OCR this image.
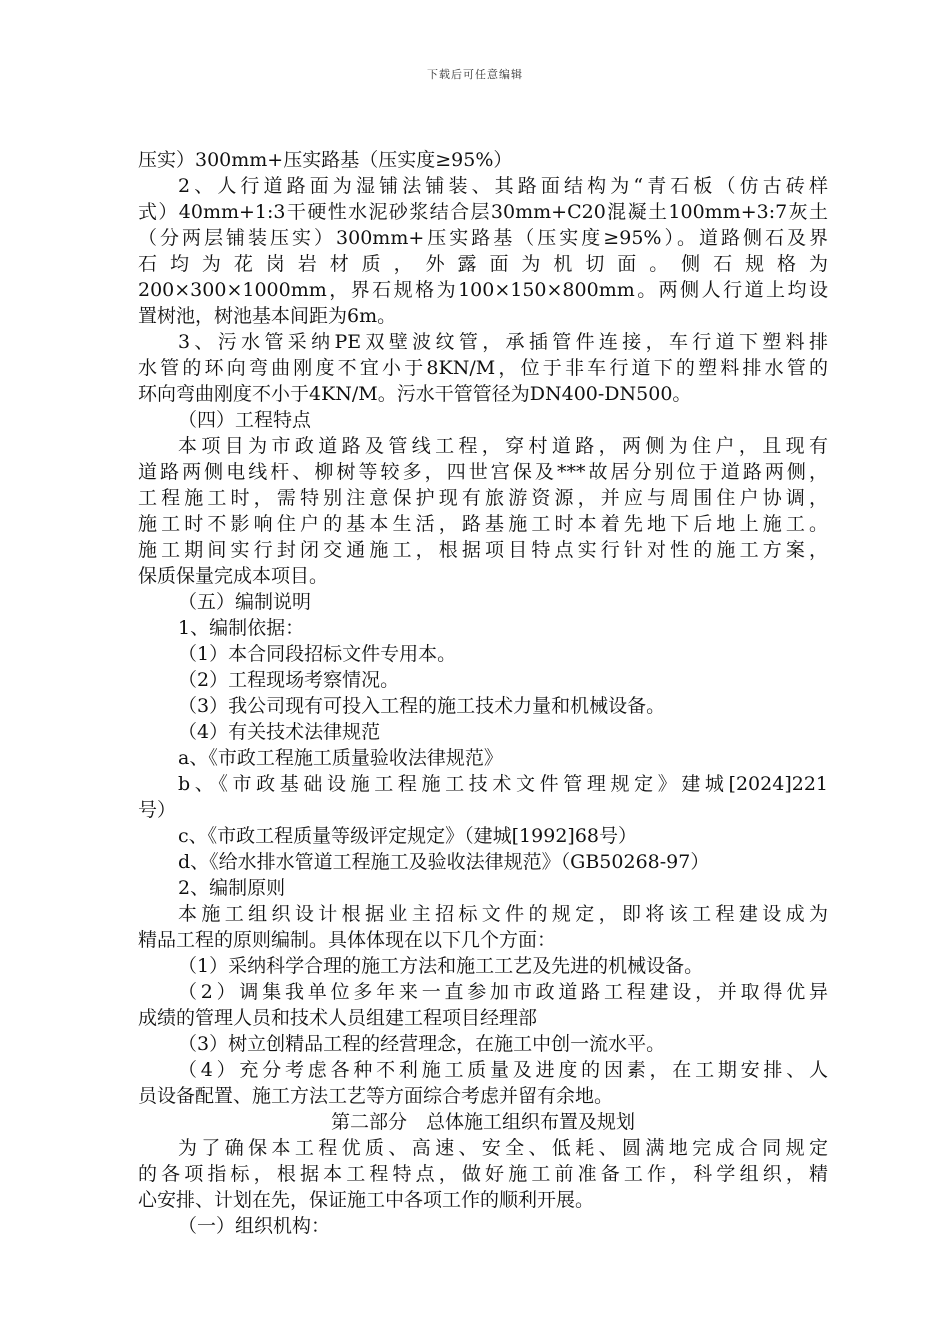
下载后可任意编辑

压实）300mm+压实路基（压实度≥95%）

2、人行道路面为湿铺法铺装、其路面结构为“青石板（仿古砖样

式）40mm+1:3干硬性水泥砂浆结合层30mm+C20混凝土100mm+3:7灰土

（分两层铺装压实）300mm+压实路基（压实度≥95%）。道路侧石及界

石均为花岗岩材质，外露面为机切面。侧石规格为

200×300×1000mm，界石规格为100×150×800mm。两侧人行道上均设

置树池，树池基本间距为6m。

3、污水管采纳PE双壁波纹管，承插管件连接，车行道下塑料排

水管的环向弯曲刚度不宜小于8KN/M，位于非车行道下的塑料排水管的

环向弯曲刚度不小于4KN/M。污水干管管径为DN400-DN500。

（四）工程特点

本项目为市政道路及管线工程，穿村道路，两侧为住户，且现有

道路两侧电线杆、柳树等较多，四世宫保及***故居分别位于道路两侧，

工程施工时，需特别注意保护现有旅游资源，并应与周围住户协调，

施工时不影响住户的基本生活，路基施工时本着先地下后地上施工。

施工期间实行封闭交通施工，根据项目特点实行针对性的施工方案，

保质保量完成本项目。

（五）编制说明

1、编制依据：

（1）本合同段招标文件专用本。

（2）工程现场考察情况。

（3）我公司现有可投入工程的施工技术力量和机械设备。

（4）有关技术法律规范

a、《市政工程施工质量验收法律规范》

b、《市政基础设施工程施工技术文件管理规定》建城[2024]221

号）

c、《市政工程质量等级评定规定》（建城[1992]68号）

d、《给水排水管道工程施工及验收法律规范》（GB50268-97）

2、编制原则

本施工组织设计根据业主招标文件的规定，即将该工程建设成为

精品工程的原则编制。具体体现在以下几个方面：

（1）采纳科学合理的施工方法和施工工艺及先进的机械设备。

（2）调集我单位多年来一直参加市政道路工程建设，并取得优异

成绩的管理人员和技术人员组建工程项目经理部

（3）树立创精品工程的经营理念，在施工中创一流水平。

（4）充分考虑各种不利施工质量及进度的因素，在工期安排、人

员设备配置、施工方法工艺等方面综合考虑并留有余地。

第二部分　总体施工组织布置及规划

为了确保本工程优质、高速、安全、低耗、圆满地完成合同规定

的各项指标，根据本工程特点，做好施工前准备工作，科学组织，精

心安排、计划在先，保证施工中各项工作的顺利开展。

（一）组织机构：
